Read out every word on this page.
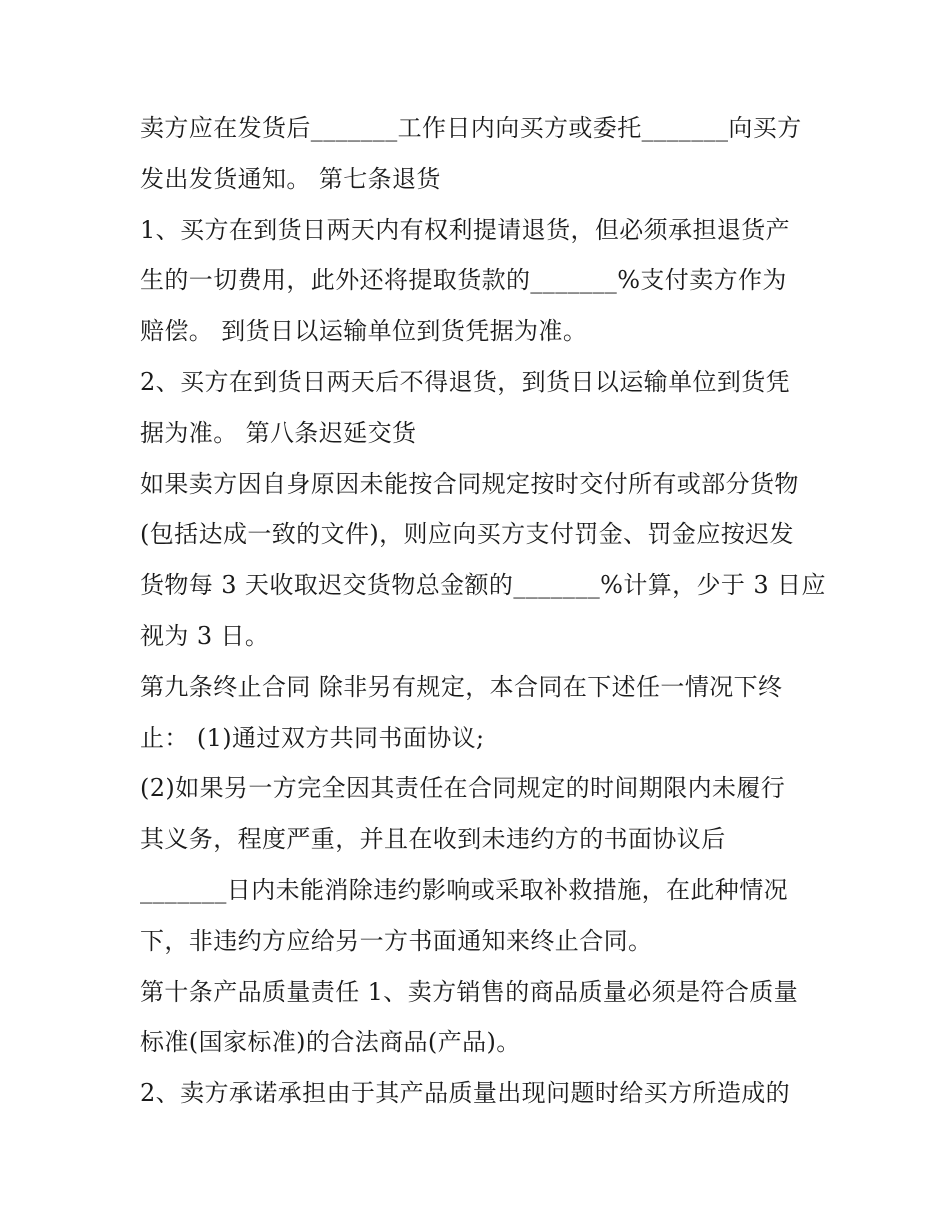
卖方应在发货后_______工作日内向买方或委托_______向买方
发出发货通知。 第七条退货
1、买方在到货日两天内有权利提请退货，但必须承担退货产
生的一切费用，此外还将提取货款的_______%支付卖方作为
赔偿。 到货日以运输单位到货凭据为准。
2、买方在到货日两天后不得退货，到货日以运输单位到货凭
据为准。 第八条迟延交货
如果卖方因自身原因未能按合同规定按时交付所有或部分货物
(包括达成一致的文件)，则应向买方支付罚金、罚金应按迟发
货物每 3 天收取迟交货物总金额的_______%计算，少于 3 日应
视为 3 日。
第九条终止合同 除非另有规定，本合同在下述任一情况下终
止： (1)通过双方共同书面协议;
(2)如果另一方完全因其责任在合同规定的时间期限内未履行
其义务，程度严重，并且在收到未违约方的书面协议后
_______日内未能消除违约影响或采取补救措施，在此种情况
下，非违约方应给另一方书面通知来终止合同。
第十条产品质量责任 1、卖方销售的商品质量必须是符合质量
标准(国家标准)的合法商品(产品)。
2、卖方承诺承担由于其产品质量出现问题时给买方所造成的
